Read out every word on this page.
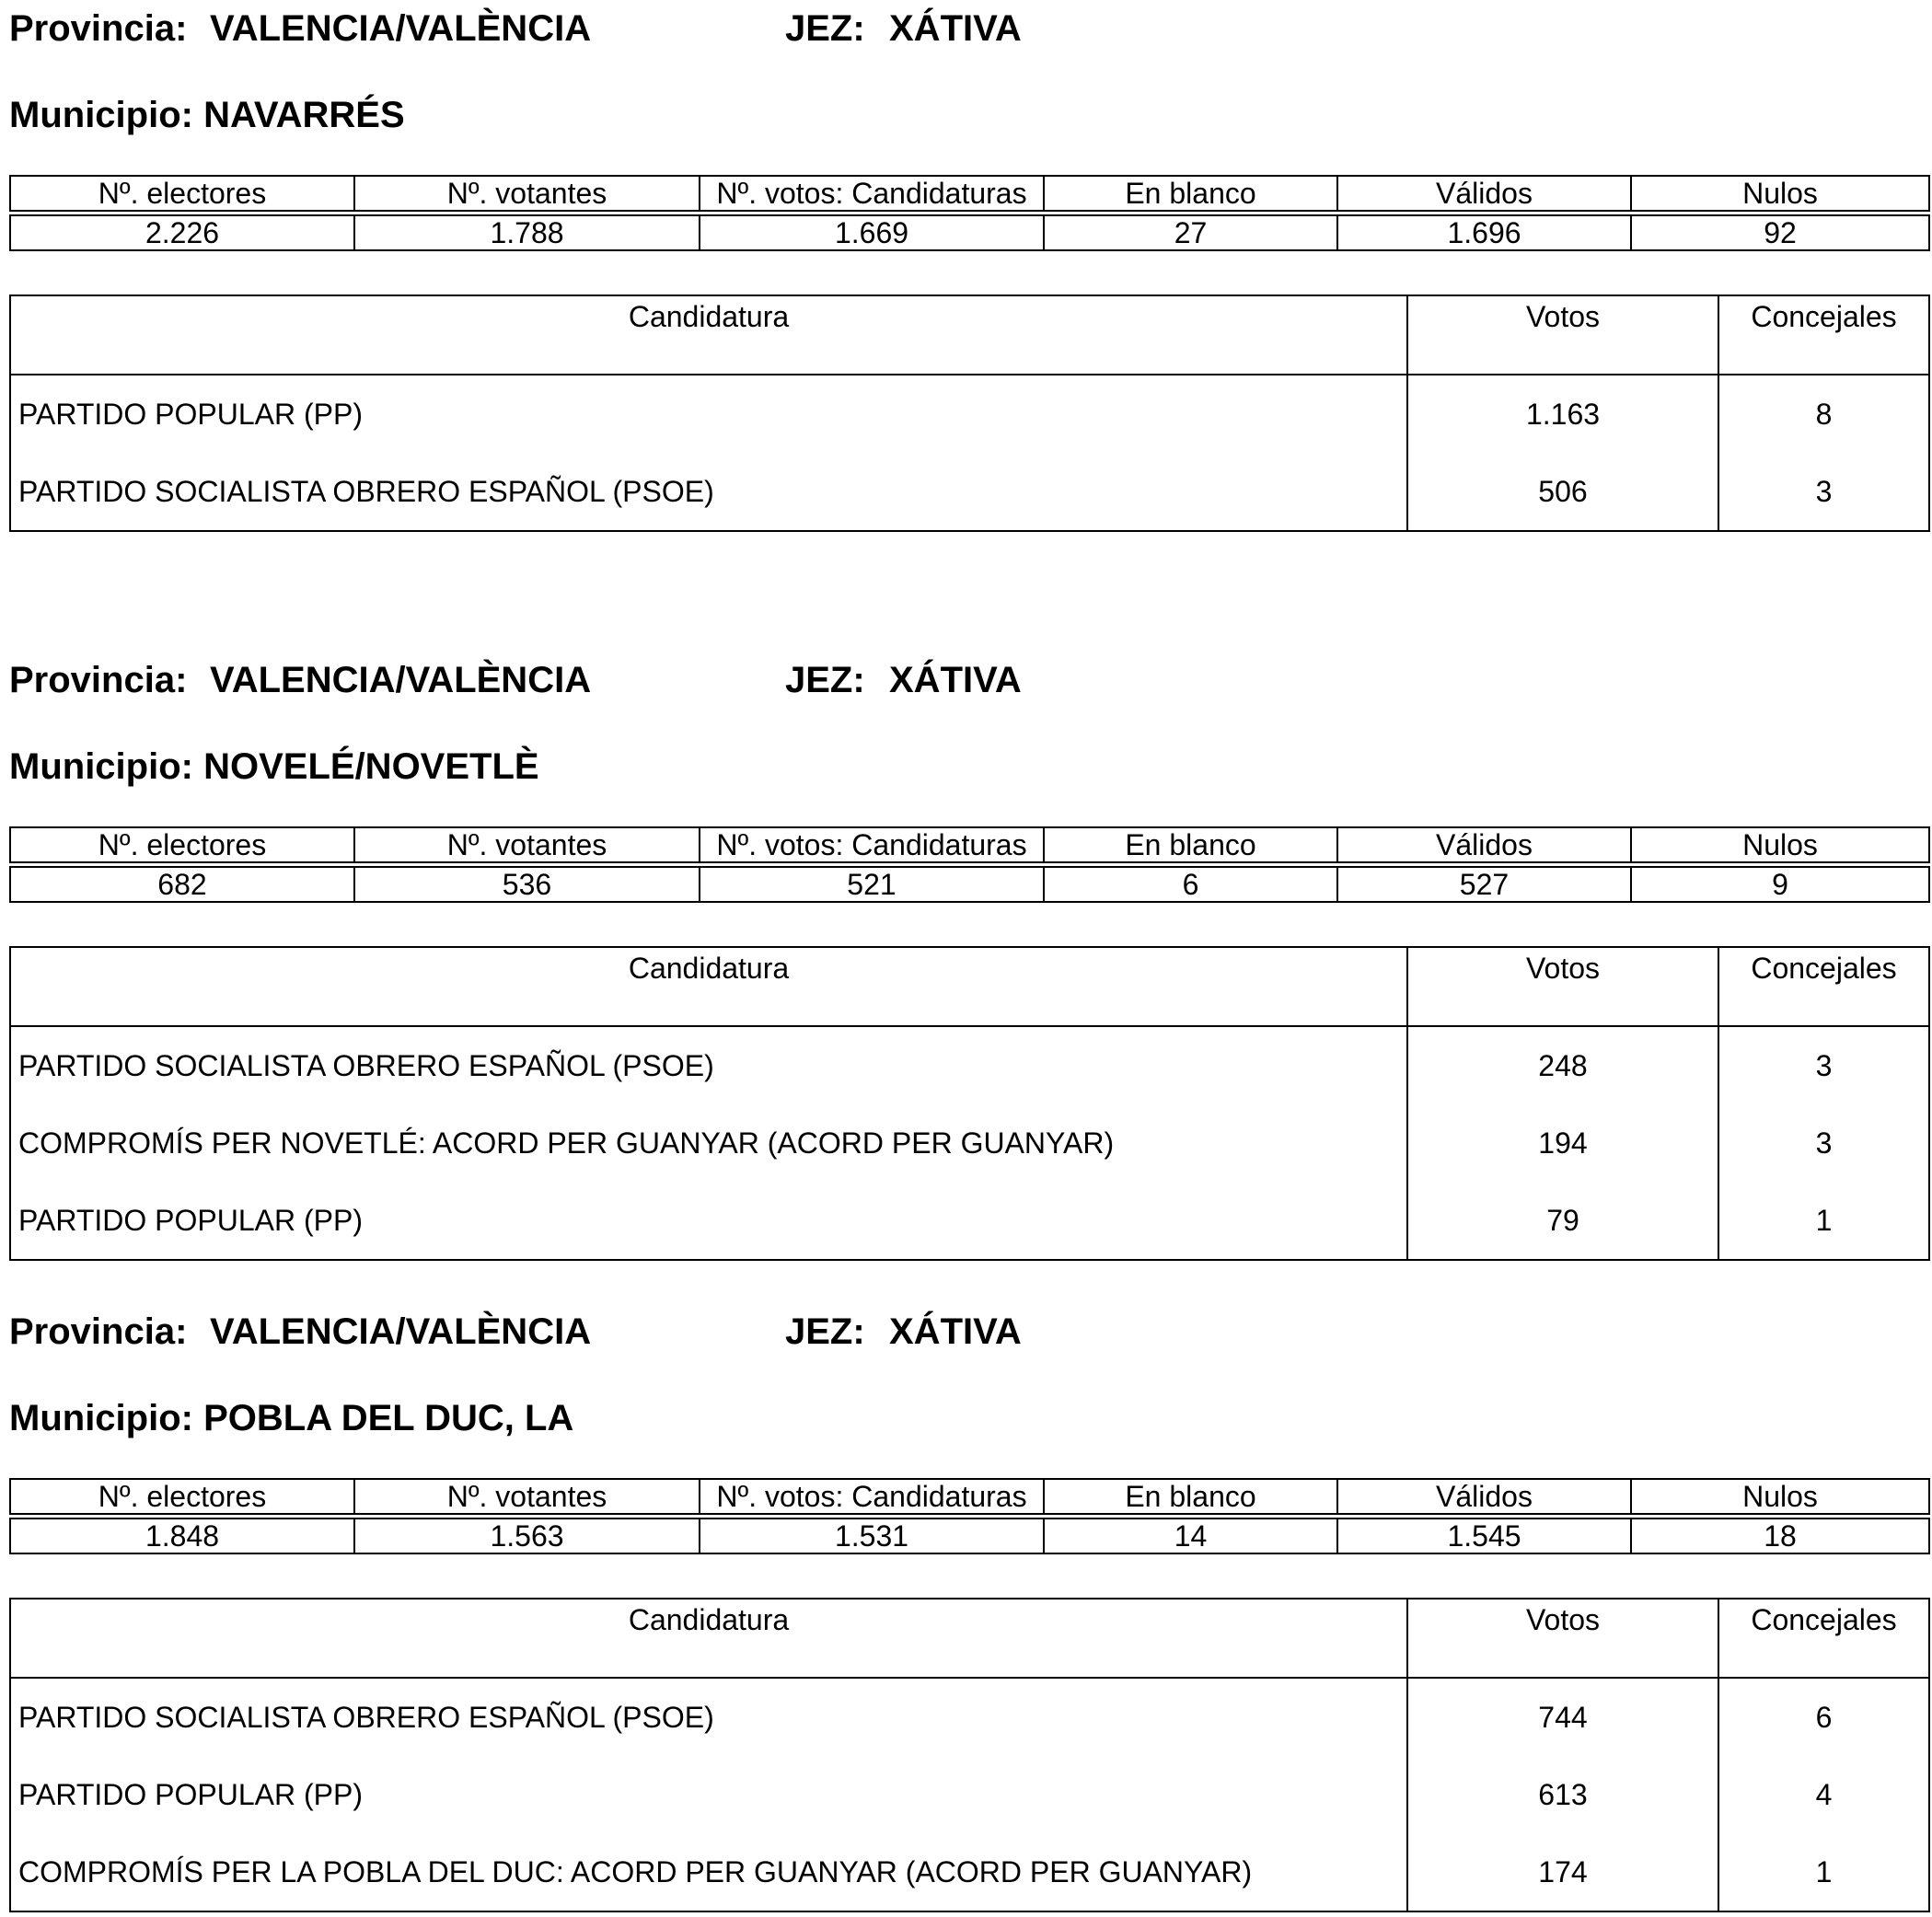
Provincia: VALENCIA/VALÈNCIA	JEZ: XÁTIVA
Municipio: NAVARRÉS
Nº. electores	Nº. votantes	Nº. votos: Candidaturas	En blanco	Válidos	Nulos
2.226	1.788	1.669	27	1.696	92
Candidatura	Votos	Concejales
PARTIDO POPULAR (PP)	1.163	8
PARTIDO SOCIALISTA OBRERO ESPAÑOL (PSOE)	506	3
Provincia: VALENCIA/VALÈNCIA	JEZ: XÁTIVA
Municipio: NOVELÉ/NOVETLÈ
Nº. electores	Nº. votantes	Nº. votos: Candidaturas	En blanco	Válidos	Nulos
682	536	521	6	527	9
Candidatura	Votos	Concejales
PARTIDO SOCIALISTA OBRERO ESPAÑOL (PSOE)	248	3
COMPROMÍS PER NOVETLÉ: ACORD PER GUANYAR (ACORD PER GUANYAR)	194	3
PARTIDO POPULAR (PP)	79	1
Provincia: VALENCIA/VALÈNCIA	JEZ: XÁTIVA
Municipio: POBLA DEL DUC, LA
Nº. electores	Nº. votantes	Nº. votos: Candidaturas	En blanco	Válidos	Nulos
1.848	1.563	1.531	14	1.545	18
Candidatura	Votos	Concejales
PARTIDO SOCIALISTA OBRERO ESPAÑOL (PSOE)	744	6
PARTIDO POPULAR (PP)	613	4
COMPROMÍS PER LA POBLA DEL DUC: ACORD PER GUANYAR (ACORD PER GUANYAR)	174	1
